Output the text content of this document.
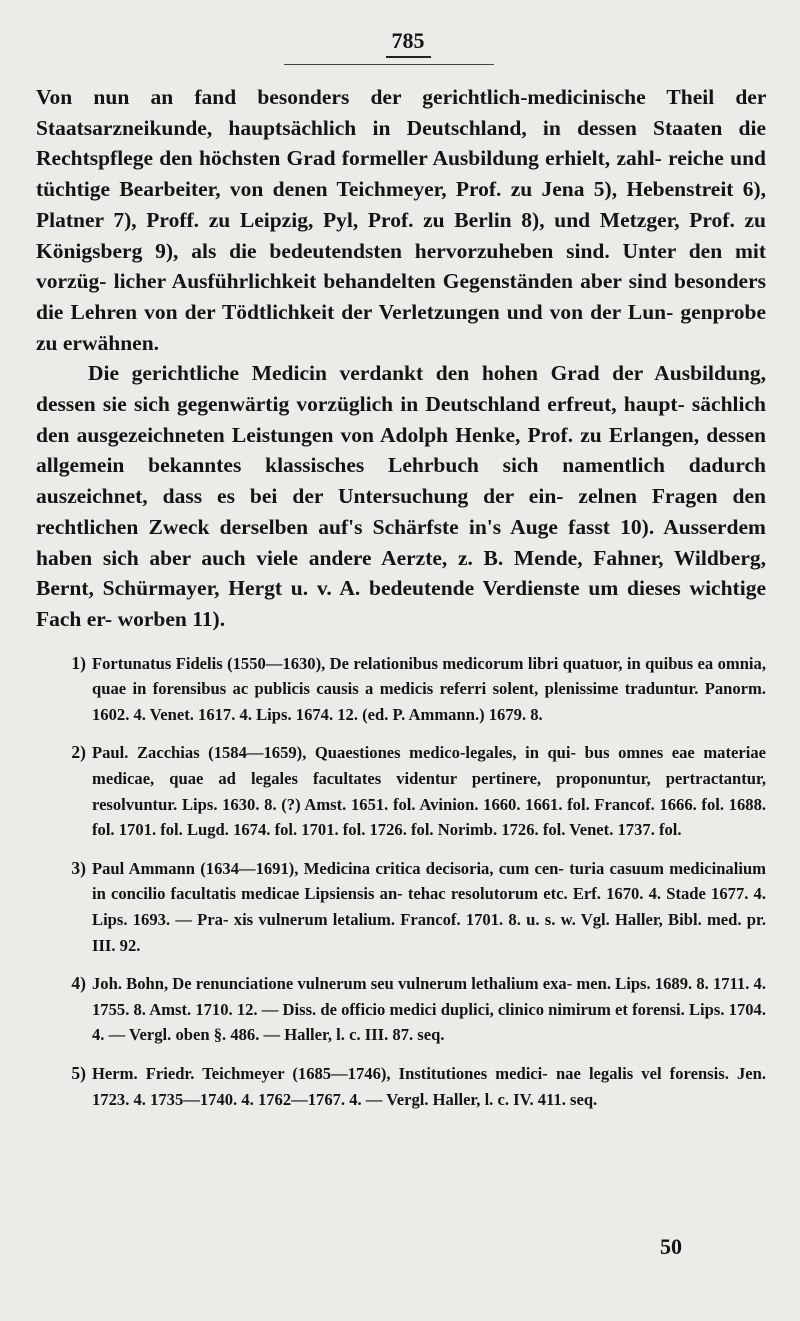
785

Von nun an fand besonders der gerichtlich-medicinische Theil der Staatsarzneikunde, hauptsächlich in Deutschland, in dessen Staaten die Rechtspflege den höchsten Grad formeller Ausbildung erhielt, zahl- reiche und tüchtige Bearbeiter, von denen Teichmeyer, Prof. zu Jena 5), Hebenstreit 6), Platner 7), Proff. zu Leipzig, Pyl, Prof. zu Berlin 8), und Metzger, Prof. zu Königsberg 9), als die bedeutendsten hervorzuheben sind. Unter den mit vorzüg- licher Ausführlichkeit behandelten Gegenständen aber sind besonders die Lehren von der Tödtlichkeit der Verletzungen und von der Lun- genprobe zu erwähnen.

Die gerichtliche Medicin verdankt den hohen Grad der Ausbildung, dessen sie sich gegenwärtig vorzüglich in Deutschland erfreut, haupt- sächlich den ausgezeichneten Leistungen von Adolph Henke, Prof. zu Erlangen, dessen allgemein bekanntes klassisches Lehrbuch sich namentlich dadurch auszeichnet, dass es bei der Untersuchung der ein- zelnen Fragen den rechtlichen Zweck derselben auf's Schärfste in's Auge fasst 10). Ausserdem haben sich aber auch viele andere Aerzte, z. B. Mende, Fahner, Wildberg, Bernt, Schürmayer, Hergt u. v. A. bedeutende Verdienste um dieses wichtige Fach er- worben 11).

1) Fortunatus Fidelis (1550—1630), De relationibus medicorum libri quatuor, in quibus ea omnia, quae in forensibus ac publicis causis a medicis referri solent, plenissime traduntur. Panorm. 1602. 4. Venet. 1617. 4. Lips. 1674. 12. (ed. P. Ammann.) 1679. 8.
2) Paul. Zacchias (1584—1659), Quaestiones medico-legales, in qui- bus omnes eae materiae medicae, quae ad legales facultates videntur pertinere, proponuntur, pertractantur, resolvuntur. Lips. 1630. 8. (?) Amst. 1651. fol. Avinion. 1660. 1661. fol. Francof. 1666. fol. 1688. fol. 1701. fol. Lugd. 1674. fol. 1701. fol. 1726. fol. Norimb. 1726. fol. Venet. 1737. fol.
3) Paul Ammann (1634—1691), Medicina critica decisoria, cum cen- turia casuum medicinalium in concilio facultatis medicae Lipsiensis an- tehac resolutorum etc. Erf. 1670. 4. Stade 1677. 4. Lips. 1693. — Pra- xis vulnerum letalium. Francof. 1701. 8. u. s. w. Vgl. Haller, Bibl. med. pr. III. 92.
4) Joh. Bohn, De renunciatione vulnerum seu vulnerum lethalium exa- men. Lips. 1689. 8. 1711. 4. 1755. 8. Amst. 1710. 12. — Diss. de officio medici duplici, clinico nimirum et forensi. Lips. 1704. 4. — Vergl. oben §. 486. — Haller, l. c. III. 87. seq.
5) Herm. Friedr. Teichmeyer (1685—1746), Institutiones medici- nae legalis vel forensis. Jen. 1723. 4. 1735—1740. 4. 1762—1767. 4. — Vergl. Haller, l. c. IV. 411. seq.
50
